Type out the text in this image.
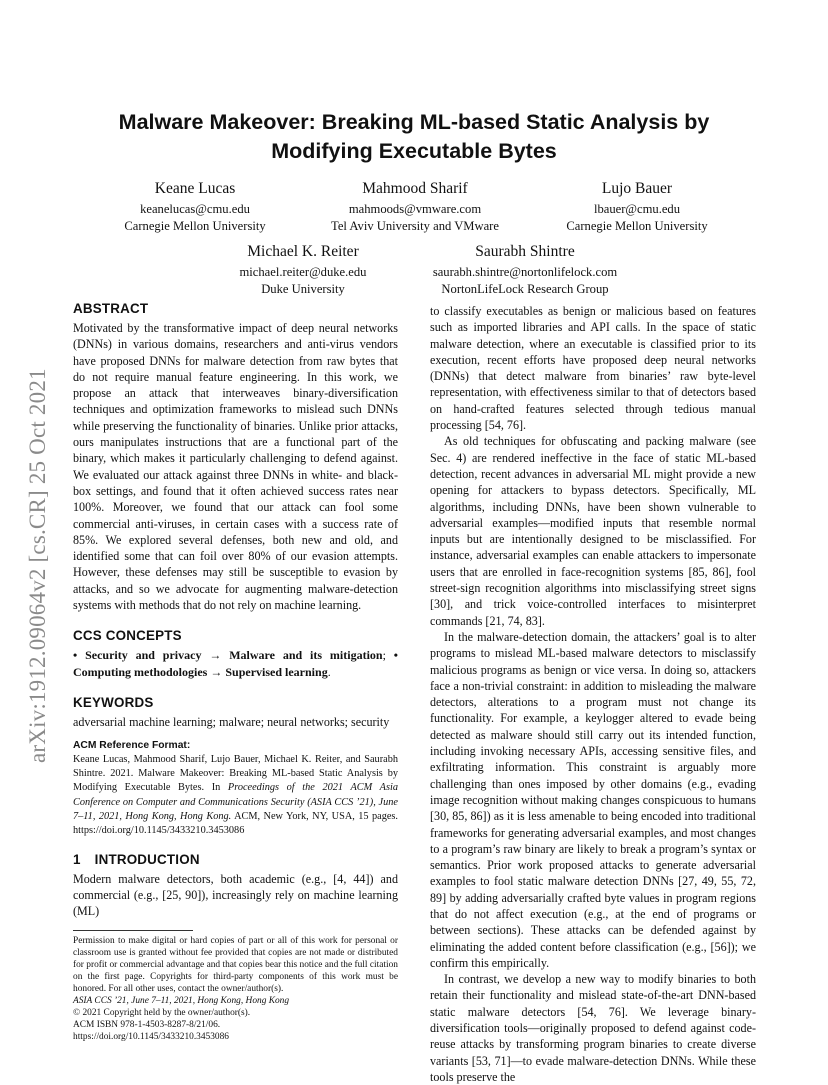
Malware Makeover: Breaking ML-based Static Analysis by
Modifying Executable Bytes
Keane Lucas
keanelucas@cmu.edu
Carnegie Mellon University
Mahmood Sharif
mahmoods@vmware.com
Tel Aviv University and VMware
Lujo Bauer
lbauer@cmu.edu
Carnegie Mellon University
Michael K. Reiter
michael.reiter@duke.edu
Duke University
Saurabh Shintre
saurabh.shintre@nortonlifelock.com
NortonLifeLock Research Group
arXiv:1912.09064v2 [cs.CR] 25 Oct 2021
ABSTRACT

Motivated by the transformative impact of deep neural networks (DNNs) in various domains, researchers and anti-virus vendors have proposed DNNs for malware detection from raw bytes that do not require manual feature engineering. In this work, we propose an attack that interweaves binary-diversification techniques and optimization frameworks to mislead such DNNs while preserving the functionality of binaries. Unlike prior attacks, ours manipulates instructions that are a functional part of the binary, which makes it particularly challenging to defend against. We evaluated our attack against three DNNs in white- and black-box settings, and found that it often achieved success rates near 100%. Moreover, we found that our attack can fool some commercial anti-viruses, in certain cases with a success rate of 85%. We explored several defenses, both new and old, and identified some that can foil over 80% of our evasion attempts. However, these defenses may still be susceptible to evasion by attacks, and so we advocate for augmenting malware-detection systems with methods that do not rely on machine learning.

CCS CONCEPTS

• Security and privacy → Malware and its mitigation; • Computing methodologies → Supervised learning.

KEYWORDS

adversarial machine learning; malware; neural networks; security

ACM Reference Format:
Keane Lucas, Mahmood Sharif, Lujo Bauer, Michael K. Reiter, and Saurabh Shintre. 2021. Malware Makeover: Breaking ML-based Static Analysis by Modifying Executable Bytes. In Proceedings of the 2021 ACM Asia Conference on Computer and Communications Security (ASIA CCS ’21), June 7–11, 2021, Hong Kong, Hong Kong. ACM, New York, NY, USA, 15 pages. https://doi.org/10.1145/3433210.3453086
1 INTRODUCTION

Modern malware detectors, both academic (e.g., [4, 44]) and commercial (e.g., [25, 90]), increasingly rely on machine learning (ML)

Permission to make digital or hard copies of part or all of this work for personal or classroom use is granted without fee provided that copies are not made or distributed for profit or commercial advantage and that copies bear this notice and the full citation on the first page. Copyrights for third-party components of this work must be honored. For all other uses, contact the owner/author(s).
ASIA CCS ’21, June 7–11, 2021, Hong Kong, Hong Kong
© 2021 Copyright held by the owner/author(s).
ACM ISBN 978-1-4503-8287-8/21/06.
https://doi.org/10.1145/3433210.3453086

to classify executables as benign or malicious based on features such as imported libraries and API calls. In the space of static malware detection, where an executable is classified prior to its execution, recent efforts have proposed deep neural networks (DNNs) that detect malware from binaries’ raw byte-level representation, with effectiveness similar to that of detectors based on hand-crafted features selected through tedious manual processing [54, 76].

As old techniques for obfuscating and packing malware (see Sec. 4) are rendered ineffective in the face of static ML-based detection, recent advances in adversarial ML might provide a new opening for attackers to bypass detectors. Specifically, ML algorithms, including DNNs, have been shown vulnerable to adversarial examples—modified inputs that resemble normal inputs but are intentionally designed to be misclassified. For instance, adversarial examples can enable attackers to impersonate users that are enrolled in face-recognition systems [85, 86], fool street-sign recognition algorithms into misclassifying street signs [30], and trick voice-controlled interfaces to misinterpret commands [21, 74, 83].

In the malware-detection domain, the attackers’ goal is to alter programs to mislead ML-based malware detectors to misclassify malicious programs as benign or vice versa. In doing so, attackers face a non-trivial constraint: in addition to misleading the malware detectors, alterations to a program must not change its functionality. For example, a keylogger altered to evade being detected as malware should still carry out its intended function, including invoking necessary APIs, accessing sensitive files, and exfiltrating information. This constraint is arguably more challenging than ones imposed by other domains (e.g., evading image recognition without making changes conspicuous to humans [30, 85, 86]) as it is less amenable to being encoded into traditional frameworks for generating adversarial examples, and most changes to a program’s raw binary are likely to break a program’s syntax or semantics. Prior work proposed attacks to generate adversarial examples to fool static malware detection DNNs [27, 49, 55, 72, 89] by adding adversarially crafted byte values in program regions that do not affect execution (e.g., at the end of programs or between sections). These attacks can be defended against by eliminating the added content before classification (e.g., [56]); we confirm this empirically.

In contrast, we develop a new way to modify binaries to both retain their functionality and mislead state-of-the-art DNN-based static malware detectors [54, 76]. We leverage binary-diversification tools—originally proposed to defend against code-reuse attacks by transforming program binaries to create diverse variants [53, 71]—to evade malware-detection DNNs. While these tools preserve the
